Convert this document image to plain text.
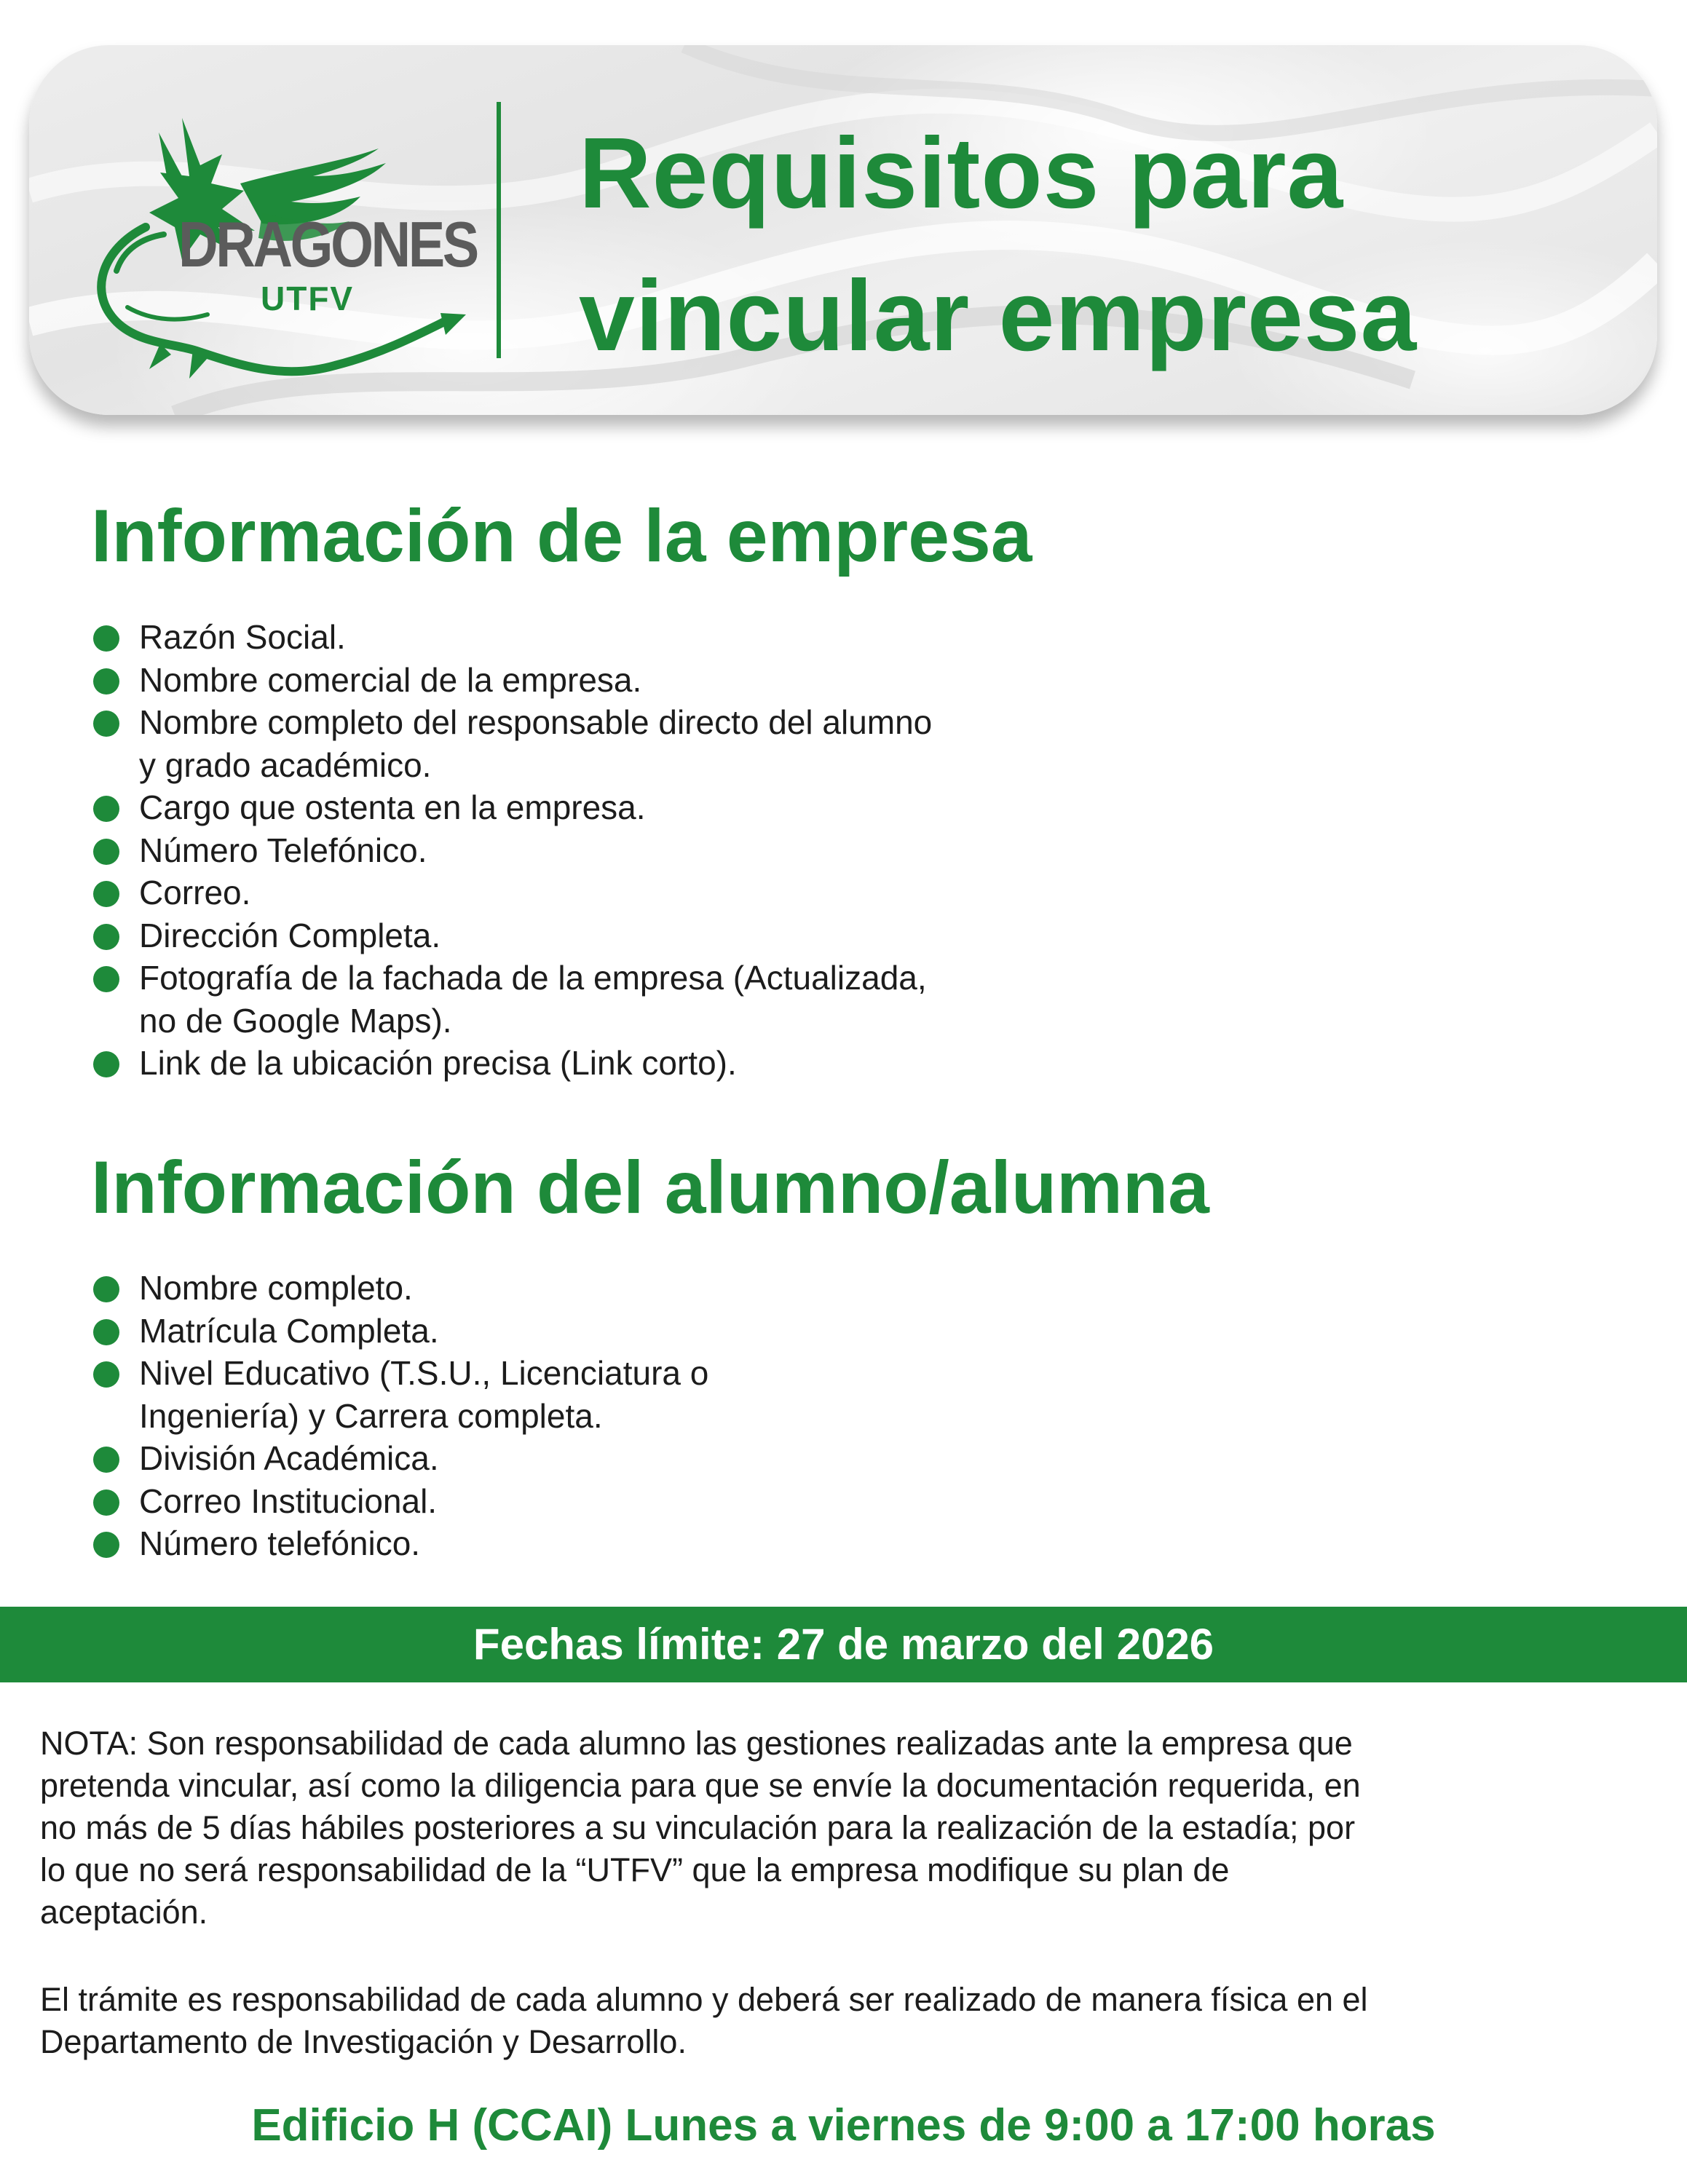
DRAGONES
UTFV
Requisitos para
vincular empresa
Información de la empresa
Razón Social.
Nombre comercial de la empresa.
Nombre completo del responsable directo del alumno
y grado académico.
Cargo que ostenta en la empresa.
Número Telefónico.
Correo.
Dirección Completa.
Fotografía de la fachada de la empresa (Actualizada,
no de Google Maps).
Link de la ubicación precisa (Link corto).
Información del alumno/alumna
Nombre completo.
Matrícula Completa.
Nivel Educativo (T.S.U., Licenciatura o
Ingeniería) y Carrera completa.
División Académica.
Correo Institucional.
Número telefónico.
Fechas límite: 27 de marzo del 2026
NOTA: Son responsabilidad de cada alumno las gestiones realizadas ante la empresa que
pretenda vincular, así como la diligencia para que se envíe la documentación requerida, en
no más de 5 días hábiles posteriores a su vinculación para la realización de la estadía; por
lo que no será responsabilidad de la “UTFV” que la empresa modifique su plan de
aceptación.
El trámite es responsabilidad de cada alumno y deberá ser realizado de manera física en el
Departamento de Investigación y Desarrollo.
Edificio H (CCAI) Lunes a viernes de 9:00 a 17:00 horas
